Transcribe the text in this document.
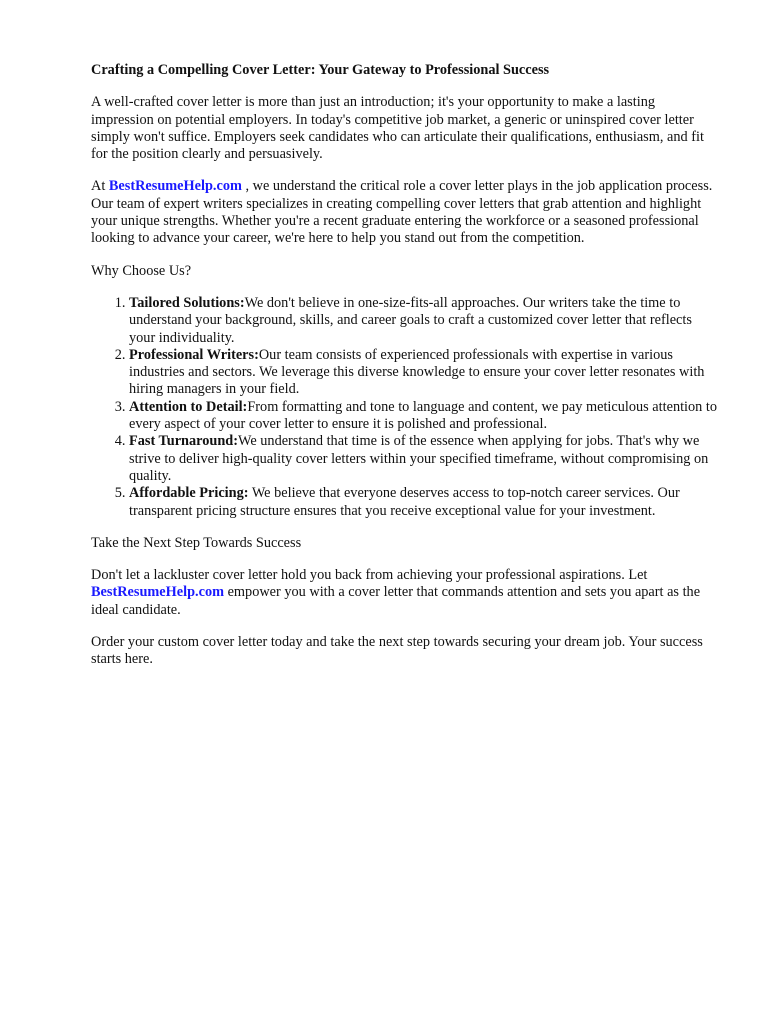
Crafting a Compelling Cover Letter: Your Gateway to Professional Success

A well-crafted cover letter is more than just an introduction; it's your opportunity to make a lasting impression on potential employers. In today's competitive job market, a generic or uninspired cover letter simply won't suffice. Employers seek candidates who can articulate their qualifications, enthusiasm, and fit for the position clearly and persuasively.

At BestResumeHelp.com , we understand the critical role a cover letter plays in the job application process. Our team of expert writers specializes in creating compelling cover letters that grab attention and highlight your unique strengths. Whether you're a recent graduate entering the workforce or a seasoned professional looking to advance your career, we're here to help you stand out from the competition.

Why Choose Us?

1. Tailored Solutions:We don't believe in one-size-fits-all approaches. Our writers take the time to understand your background, skills, and career goals to craft a customized cover letter that reflects your individuality.
2. Professional Writers:Our team consists of experienced professionals with expertise in various industries and sectors. We leverage this diverse knowledge to ensure your cover letter resonates with hiring managers in your field.
3. Attention to Detail:From formatting and tone to language and content, we pay meticulous attention to every aspect of your cover letter to ensure it is polished and professional.
4. Fast Turnaround:We understand that time is of the essence when applying for jobs. That's why we strive to deliver high-quality cover letters within your specified timeframe, without compromising on quality.
5. Affordable Pricing: We believe that everyone deserves access to top-notch career services. Our transparent pricing structure ensures that you receive exceptional value for your investment.

Take the Next Step Towards Success

Don't let a lackluster cover letter hold you back from achieving your professional aspirations. Let BestResumeHelp.com empower you with a cover letter that commands attention and sets you apart as the ideal candidate.

Order your custom cover letter today and take the next step towards securing your dream job. Your success starts here.
